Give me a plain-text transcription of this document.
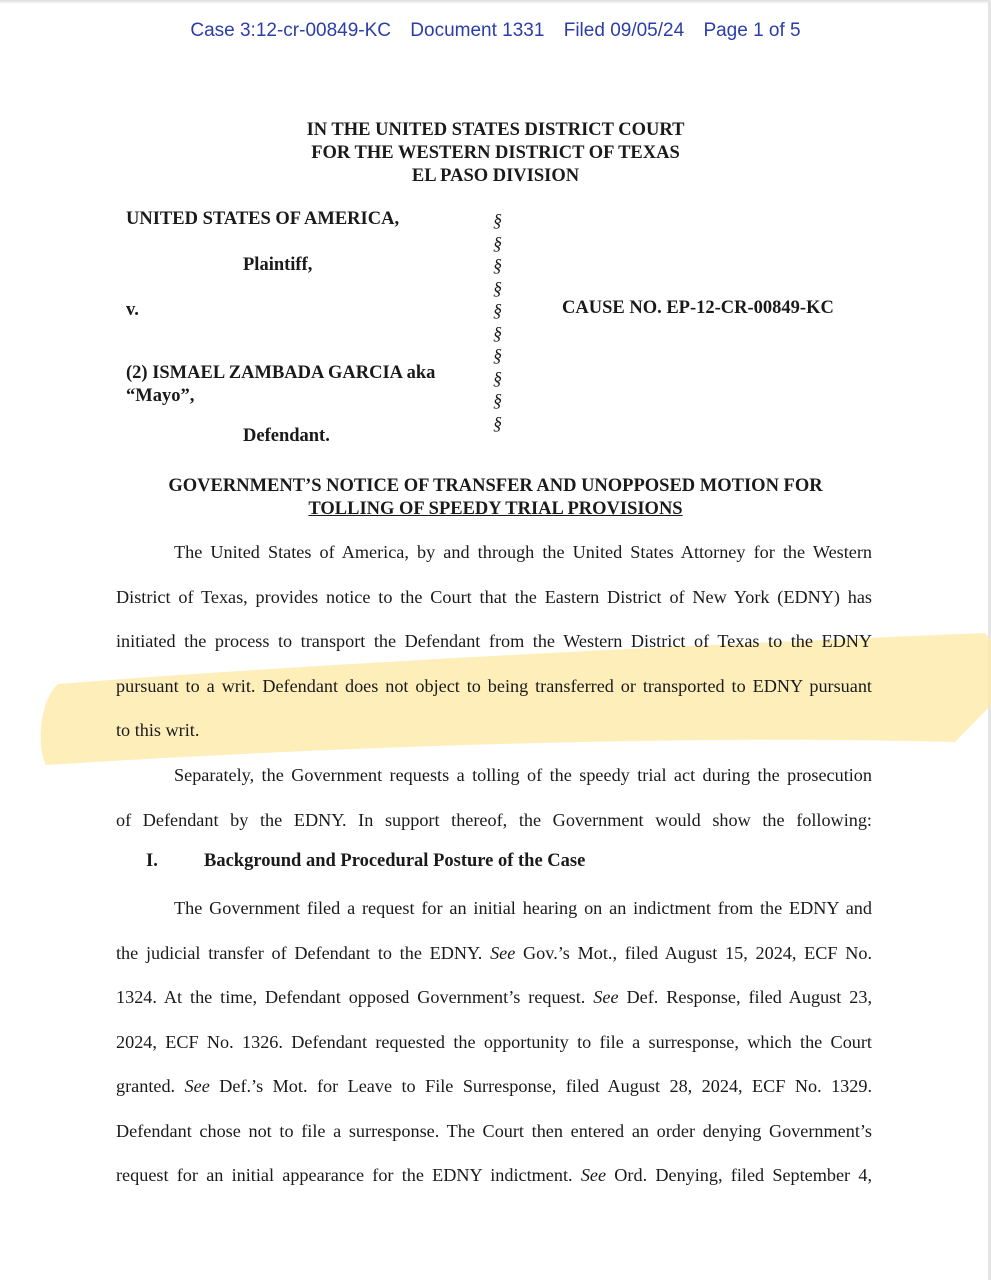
Case 3:12-cr-00849-KC Document 1331 Filed 09/05/24 Page 1 of 5
IN THE UNITED STATES DISTRICT COURT
FOR THE WESTERN DISTRICT OF TEXAS
EL PASO DIVISION
UNITED STATES OF AMERICA,
Plaintiff,
v.
(2) ISMAEL ZAMBADA GARCIA aka
“Mayo”,
Defendant.
§
§
§
§
§
§
§
§
§
§
CAUSE NO. EP-12-CR-00849-KC
GOVERNMENT’S NOTICE OF TRANSFER AND UNOPPOSED MOTION FOR
TOLLING OF SPEEDY TRIAL PROVISIONS
The United States of America, by and through the United States Attorney for the Western
District of Texas, provides notice to the Court that the Eastern District of New York (EDNY) has
initiated the process to transport the Defendant from the Western District of Texas to the EDNY
pursuant to a writ. Defendant does not object to being transferred or transported to EDNY pursuant
to this writ.
Separately, the Government requests a tolling of the speedy trial act during the prosecution
of Defendant by the EDNY. In support thereof, the Government would show the following:
I. Background and Procedural Posture of the Case
The Government filed a request for an initial hearing on an indictment from the EDNY and
the judicial transfer of Defendant to the EDNY. See Gov.’s Mot., filed August 15, 2024, ECF No.
1324. At the time, Defendant opposed Government’s request. See Def. Response, filed August 23,
2024, ECF No. 1326. Defendant requested the opportunity to file a surresponse, which the Court
granted. See Def.’s Mot. for Leave to File Surresponse, filed August 28, 2024, ECF No. 1329.
Defendant chose not to file a surresponse. The Court then entered an order denying Government’s
request for an initial appearance for the EDNY indictment. See Ord. Denying, filed September 4,
